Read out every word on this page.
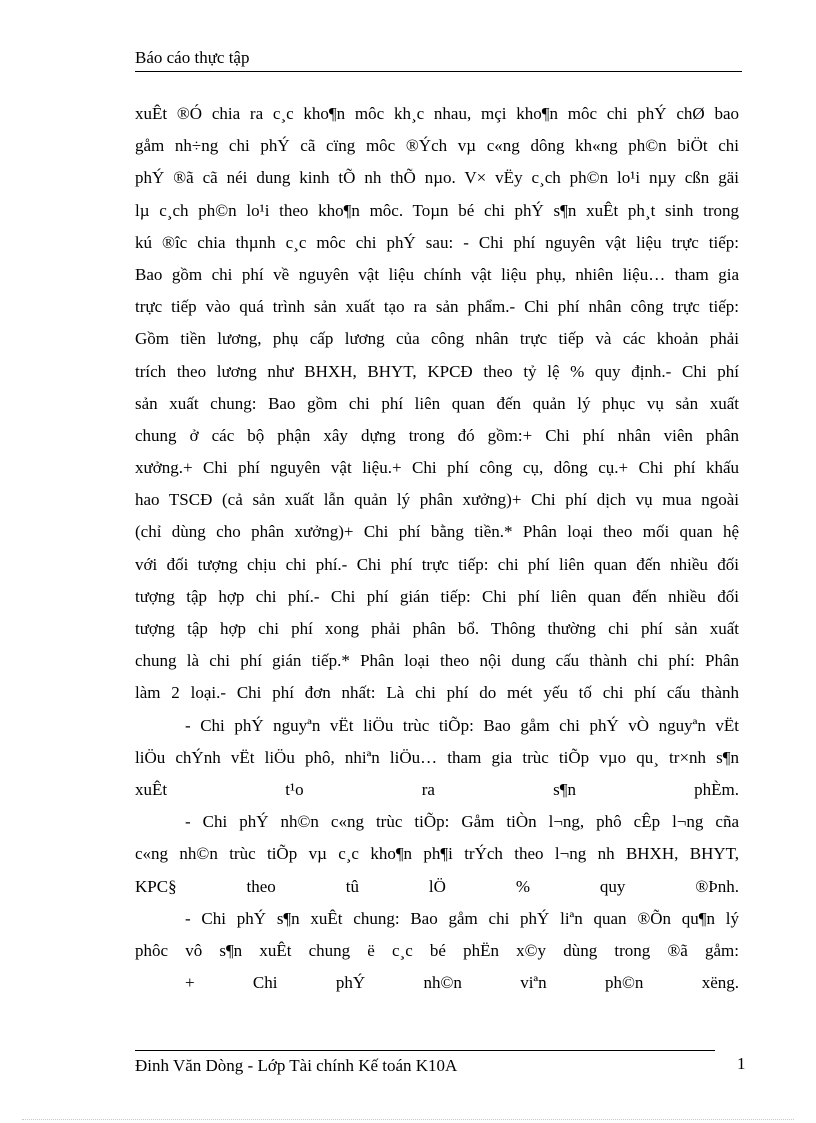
Báo cáo thực tập
xuÊt ®Ó chia ra c¸c kho¶n môc kh¸c nhau, mçi kho¶n môc chi phÝ chØ bao
gåm nh÷ng chi phÝ cã cïng môc ®Ých vµ c«ng dông kh«ng ph©n biÖt chi
phÝ ®ã cã néi dung kinh tÕ nh thÕ nµo. V× vËy c¸ch ph©n lo¹i nµy cßn gäi
lµ c¸ch ph©n lo¹i theo kho¶n môc. Toµn bé chi phÝ s¶n xuÊt ph¸t sinh trong
kú ®îc chia thµnh c¸c môc chi phÝ sau: - Chi phí nguyên vật liệu trực tiếp:
Bao gồm chi phí về nguyên vật liệu chính vật liệu phụ, nhiên liệu… tham gia
trực tiếp vào quá trình sản xuất tạo ra sản phẩm.- Chi phí nhân công trực tiếp:
Gồm tiền lương, phụ cấp lương của công nhân trực tiếp và các khoản phải
trích theo lương như BHXH, BHYT, KPCĐ theo tỷ lệ % quy định.- Chi phí
sản xuất chung: Bao gồm chi phí liên quan đến quản lý phục vụ sản xuất
chung ở các bộ phận xây dựng trong đó gồm:+ Chi phí nhân viên phân
xưởng.+ Chi phí nguyên vật liệu.+ Chi phí công cụ, dông cụ.+ Chi phí khấu
hao TSCĐ (cả sản xuất lẫn quản lý phân xưởng)+ Chi phí dịch vụ mua ngoài
(chỉ dùng cho phân xưởng)+ Chi phí bằng tiền.* Phân loại theo mối quan hệ
với đối tượng chịu chi phí.- Chi phí trực tiếp: chi phí liên quan đến nhiều đối
tượng tập hợp chi phí.- Chi phí gián tiếp: Chi phí liên quan đến nhiều đối
tượng tập hợp chi phí xong phải phân bổ. Thông thường chi phí sản xuất
chung là chi phí gián tiếp.* Phân loại theo nội dung cấu thành chi phí: Phân
làm 2 loại.- Chi phí đơn nhất: Là chi phí do mét yếu tố chi phí cấu thành
- Chi phÝ nguyªn vËt liÖu trùc tiÕp: Bao gåm chi phÝ vÒ nguyªn vËt
liÖu chÝnh vËt liÖu phô, nhiªn liÖu… tham gia trùc tiÕp vµo qu¸ tr×nh s¶n
xuÊt t¹o ra s¶n phÈm.
- Chi phÝ nh©n c«ng trùc tiÕp: Gåm tiÒn l¬ng, phô cÊp l¬ng cña
c«ng nh©n trùc tiÕp vµ c¸c kho¶n ph¶i trÝch theo l¬ng nh BHXH, BHYT,
KPC§ theo tû lÖ % quy ®Þnh.
- Chi phÝ s¶n xuÊt chung: Bao gåm chi phÝ liªn quan ®Õn qu¶n lý
phôc vô s¶n xuÊt chung ë c¸c bé phËn x©y dùng trong ®ã gåm:
+ Chi phÝ nh©n viªn ph©n xëng.
Đinh Văn Dòng - Lớp Tài chính Kế toán K10A	1
